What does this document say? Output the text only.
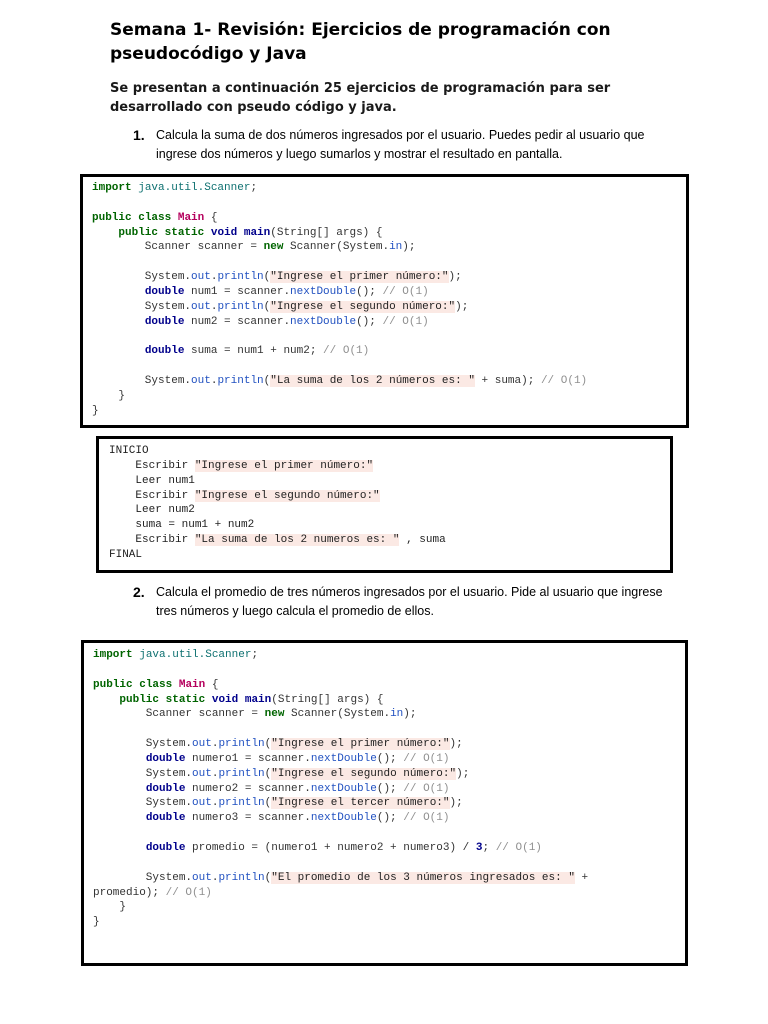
Semana 1- Revisión: Ejercicios de programación con pseudocódigo y Java

Se presentan a continuación 25 ejercicios de programación para ser desarrollado con pseudo código y java.

1. Calcula la suma de dos números ingresados por el usuario. Puedes pedir al usuario que ingrese dos números y luego sumarlos y mostrar el resultado en pantalla.
import java.util.Scanner;

public class Main {
public static void main(String[] args) {
Scanner scanner = new Scanner(System.in);

System.out.println("Ingrese el primer número:");
double num1 = scanner.nextDouble(); // O(1)
System.out.println("Ingrese el segundo número:");
double num2 = scanner.nextDouble(); // O(1)

double suma = num1 + num2; // O(1)

System.out.println("La suma de los 2 números es: " + suma); // O(1)
}
}

INICIO
Escribir "Ingrese el primer número:"
Leer num1
Escribir "Ingrese el segundo número:"
Leer num2
suma = num1 + num2
Escribir "La suma de los 2 numeros es: " , suma
FINAL

2. Calcula el promedio de tres números ingresados por el usuario. Pide al usuario que ingrese tres números y luego calcula el promedio de ellos.
import java.util.Scanner;

public class Main {
public static void main(String[] args) {
Scanner scanner = new Scanner(System.in);

System.out.println("Ingrese el primer número:");
double numero1 = scanner.nextDouble(); // O(1)
System.out.println("Ingrese el segundo número:");
double numero2 = scanner.nextDouble(); // O(1)
System.out.println("Ingrese el tercer número:");
double numero3 = scanner.nextDouble(); // O(1)

double promedio = (numero1 + numero2 + numero3) / 3; // O(1)

System.out.println("El promedio de los 3 números ingresados es: " +
promedio); // O(1)
}
}
